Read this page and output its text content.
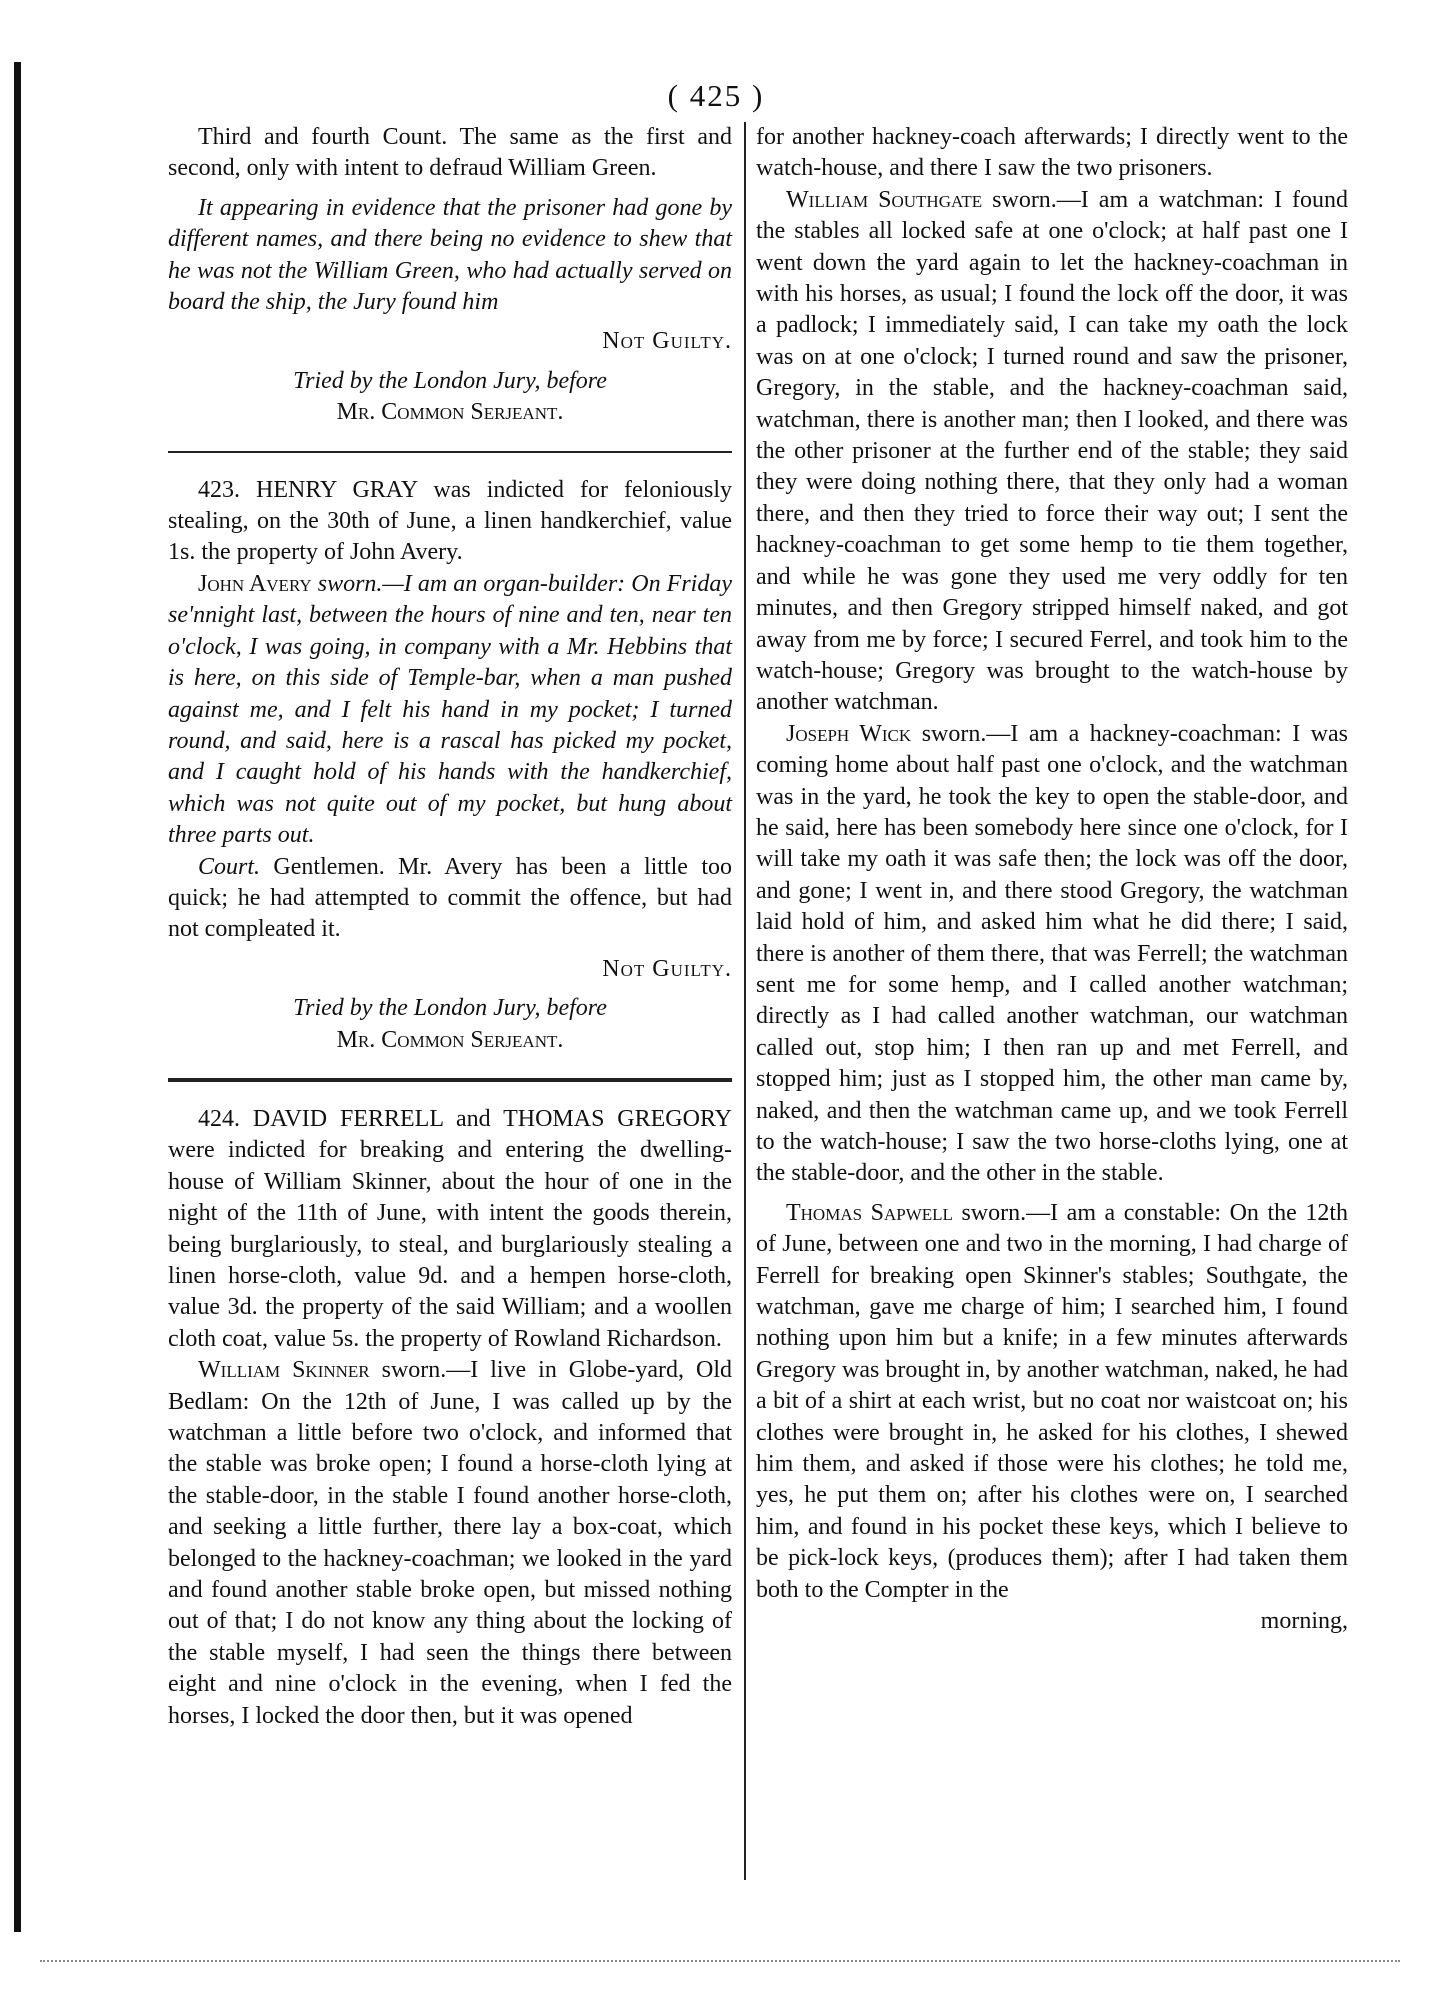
( 425 )

Third and fourth Count. The same as the first and second, only with intent to defraud William Green.

It appearing in evidence that the prisoner had gone by different names, and there being no evidence to shew that he was not the William Green, who had actually served on board the ship, the Jury found him

Not Guilty.

Tried by the London Jury, before

Mr. Common Serjeant.

423. HENRY GRAY was indicted for feloniously stealing, on the 30th of June, a linen handkerchief, value 1s. the property of John Avery.

John Avery sworn.—I am an organ-builder: On Friday se'nnight last, between the hours of nine and ten, near ten o'clock, I was going, in company with a Mr. Hebbins that is here, on this side of Temple-bar, when a man pushed against me, and I felt his hand in my pocket; I turned round, and said, here is a rascal has picked my pocket, and I caught hold of his hands with the handkerchief, which was not quite out of my pocket, but hung about three parts out.

Court. Gentlemen. Mr. Avery has been a little too quick; he had attempted to commit the offence, but had not compleated it.

Not Guilty.

Tried by the London Jury, before

Mr. Common Serjeant.

424. DAVID FERRELL and THOMAS GREGORY were indicted for breaking and entering the dwelling-house of William Skinner, about the hour of one in the night of the 11th of June, with intent the goods therein, being burglariously, to steal, and burglariously stealing a linen horse-cloth, value 9d. and a hempen horse-cloth, value 3d. the property of the said William; and a woollen cloth coat, value 5s. the property of Rowland Richardson.

William Skinner sworn.—I live in Globe-yard, Old Bedlam: On the 12th of June, I was called up by the watchman a little before two o'clock, and informed that the stable was broke open; I found a horse-cloth lying at the stable-door, in the stable I found another horse-cloth, and seeking a little further, there lay a box-coat, which belonged to the hackney-coachman; we looked in the yard and found another stable broke open, but missed nothing out of that; I do not know any thing about the locking of the stable myself, I had seen the things there between eight and nine o'clock in the evening, when I fed the horses, I locked the door then, but it was opened

for another hackney-coach afterwards; I directly went to the watch-house, and there I saw the two prisoners.

William Southgate sworn.—I am a watchman: I found the stables all locked safe at one o'clock; at half past one I went down the yard again to let the hackney-coachman in with his horses, as usual; I found the lock off the door, it was a padlock; I immediately said, I can take my oath the lock was on at one o'clock; I turned round and saw the prisoner, Gregory, in the stable, and the hackney-coachman said, watchman, there is another man; then I looked, and there was the other prisoner at the further end of the stable; they said they were doing nothing there, that they only had a woman there, and then they tried to force their way out; I sent the hackney-coachman to get some hemp to tie them together, and while he was gone they used me very oddly for ten minutes, and then Gregory stripped himself naked, and got away from me by force; I secured Ferrel, and took him to the watch-house; Gregory was brought to the watch-house by another watchman.

Joseph Wick sworn.—I am a hackney-coachman: I was coming home about half past one o'clock, and the watchman was in the yard, he took the key to open the stable-door, and he said, here has been somebody here since one o'clock, for I will take my oath it was safe then; the lock was off the door, and gone; I went in, and there stood Gregory, the watchman laid hold of him, and asked him what he did there; I said, there is another of them there, that was Ferrell; the watchman sent me for some hemp, and I called another watchman; directly as I had called another watchman, our watchman called out, stop him; I then ran up and met Ferrell, and stopped him; just as I stopped him, the other man came by, naked, and then the watchman came up, and we took Ferrell to the watch-house; I saw the two horse-cloths lying, one at the stable-door, and the other in the stable.

Thomas Sapwell sworn.—I am a constable: On the 12th of June, between one and two in the morning, I had charge of Ferrell for breaking open Skinner's stables; Southgate, the watchman, gave me charge of him; I searched him, I found nothing upon him but a knife; in a few minutes afterwards Gregory was brought in, by another watchman, naked, he had a bit of a shirt at each wrist, but no coat nor waistcoat on; his clothes were brought in, he asked for his clothes, I shewed him them, and asked if those were his clothes; he told me, yes, he put them on; after his clothes were on, I searched him, and found in his pocket these keys, which I believe to be pick-lock keys, (produces them); after I had taken them both to the Compter in the

morning,
